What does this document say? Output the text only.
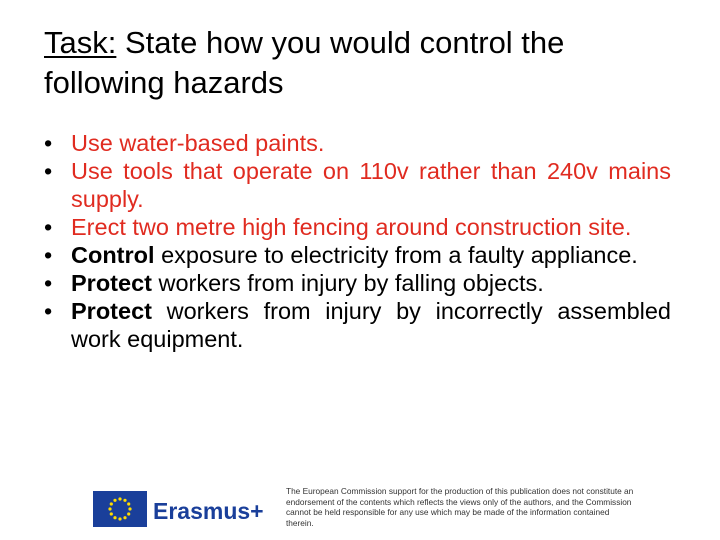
Task: State how you would control the following hazards
• Use water-based paints.
• Use tools that operate on 110v rather than 240v mains supply.
• Erect two metre high fencing around construction site.
• Control exposure to electricity from a faulty appliance.
• Protect workers from injury by falling objects.
• Protect workers from injury by incorrectly assembled work equipment.
Erasmus+
The European Commission support for the production of this publication does not constitute an endorsement of the contents which reflects the views only of the authors, and the Commission cannot be held responsible for any use which may be made of the information contained therein.
